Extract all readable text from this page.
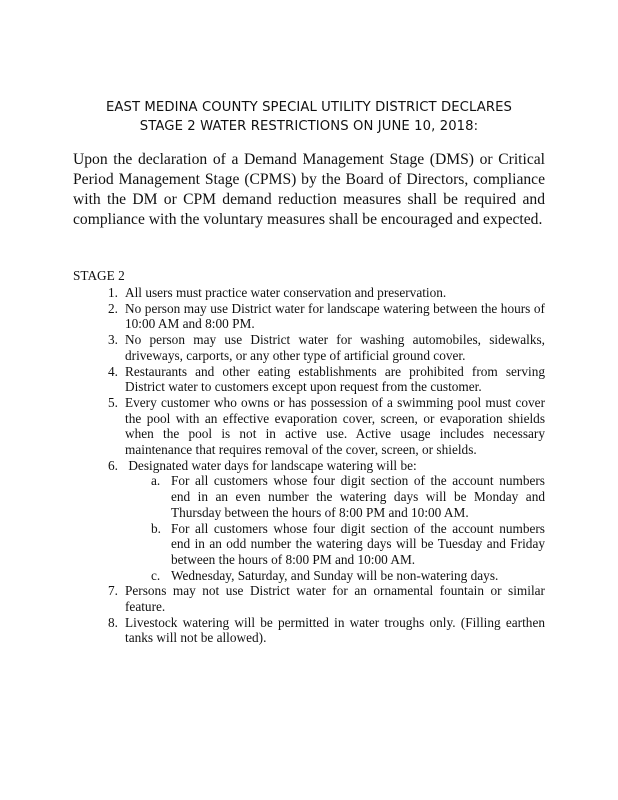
EAST MEDINA COUNTY SPECIAL UTILITY DISTRICT DECLARES
STAGE 2 WATER RESTRICTIONS ON JUNE 10, 2018:

Upon the declaration of a Demand Management Stage (DMS) or Critical Period Management Stage (CPMS) by the Board of Directors, compliance with the DM or CPM demand reduction measures shall be required and compliance with the voluntary measures shall be encouraged and expected.

STAGE 2

1. All users must practice water conservation and preservation.
2. No person may use District water for landscape watering between the hours of 10:00 AM and 8:00 PM.
3. No person may use District water for washing automobiles, sidewalks, driveways, carports, or any other type of artificial ground cover.
4. Restaurants and other eating establishments are prohibited from serving District water to customers except upon request from the customer.
5. Every customer who owns or has possession of a swimming pool must cover the pool with an effective evaporation cover, screen, or evaporation shields when the pool is not in active use. Active usage includes necessary maintenance that requires removal of the cover, screen, or shields.
6. Designated water days for landscape watering will be:
a. For all customers whose four digit section of the account numbers end in an even number the watering days will be Monday and Thursday between the hours of 8:00 PM and 10:00 AM.
b. For all customers whose four digit section of the account numbers end in an odd number the watering days will be Tuesday and Friday between the hours of 8:00 PM and 10:00 AM.
c. Wednesday, Saturday, and Sunday will be non-watering days.
7. Persons may not use District water for an ornamental fountain or similar feature.
8. Livestock watering will be permitted in water troughs only. (Filling earthen tanks will not be allowed).
